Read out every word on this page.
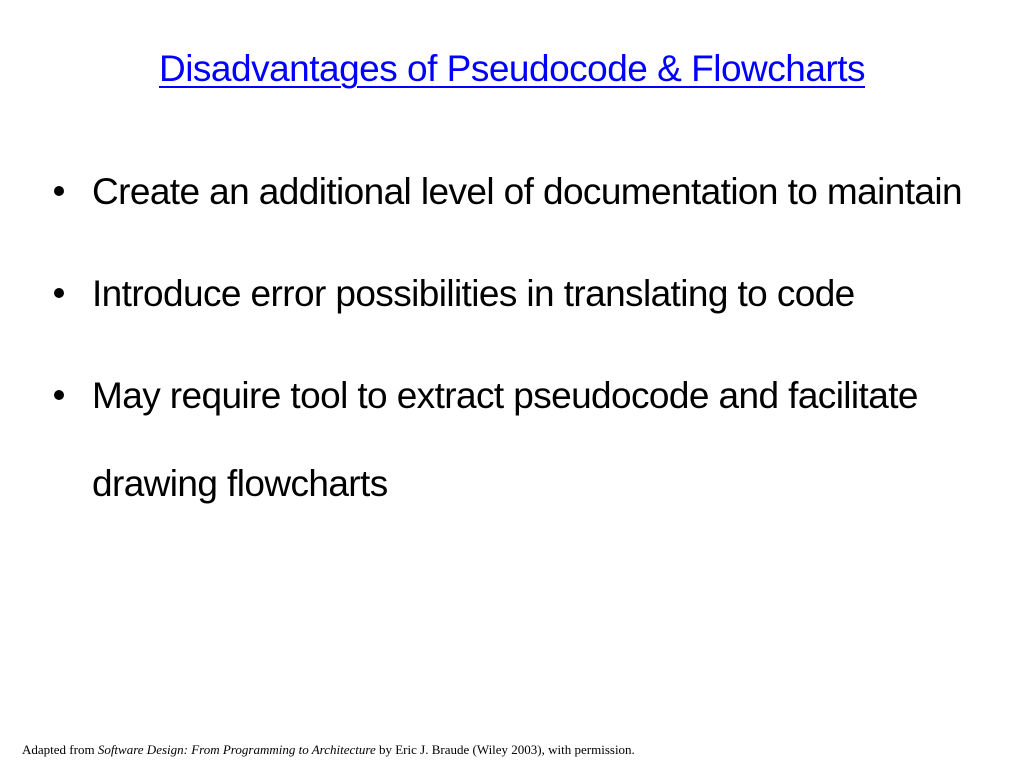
Disadvantages of Pseudocode & Flowcharts
Create an additional level of documentation to maintain
Introduce error possibilities in translating to code
May require tool to extract pseudocode and facilitate drawing flowcharts
Adapted from Software Design: From Programming to Architecture by Eric J. Braude (Wiley 2003), with permission.
